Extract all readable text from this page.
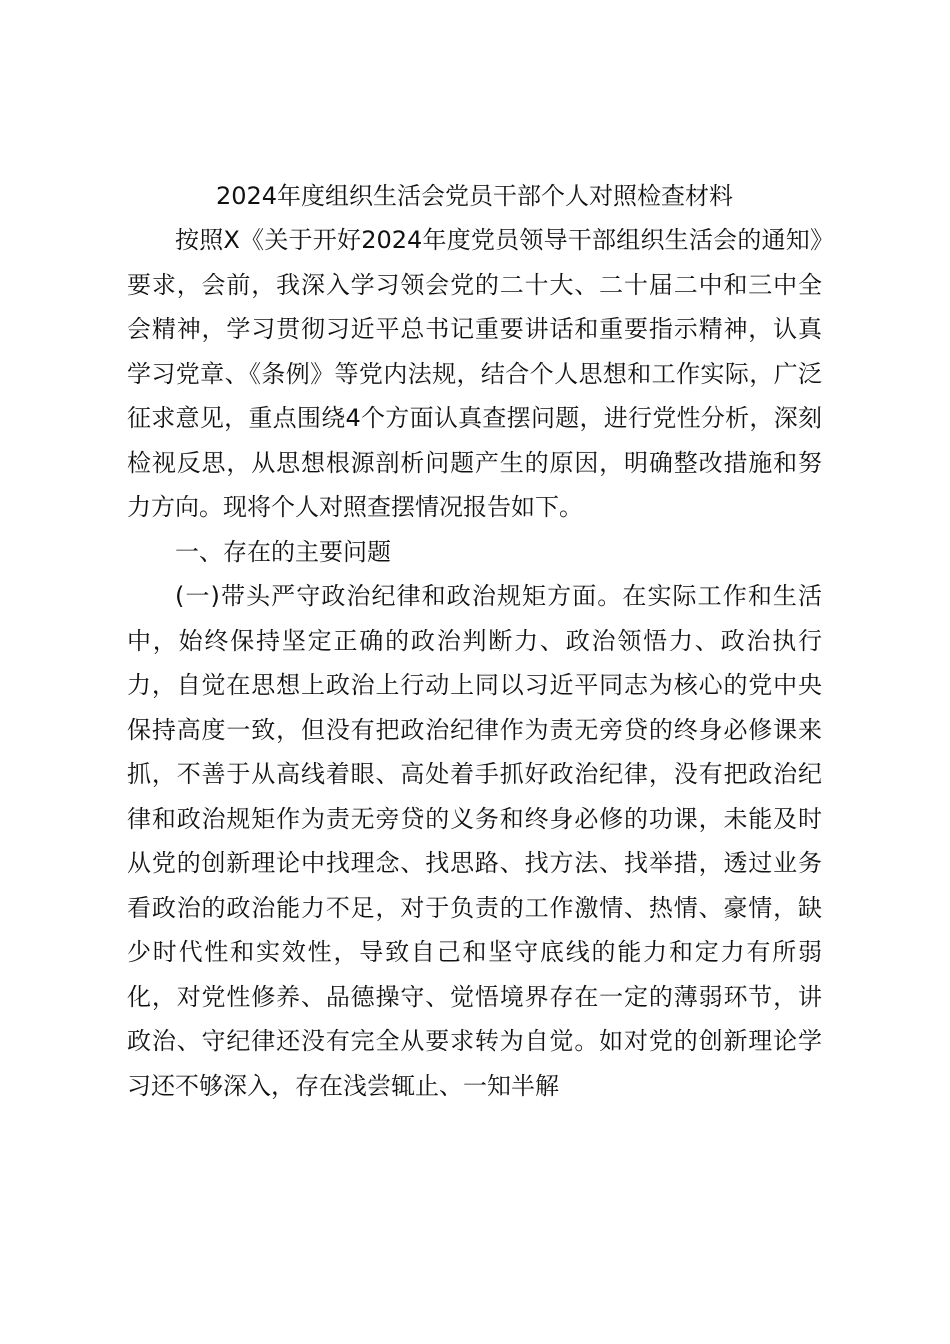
2024年度组织生活会党员干部个人对照检查材料

按照X《关于开好2024年度党员领导干部组织生活会的通知》要求，会前，我深入学习领会党的二十大、二十届二中和三中全会精神，学习贯彻习近平总书记重要讲话和重要指示精神，认真学习党章、《条例》等党内法规，结合个人思想和工作实际，广泛征求意见，重点围绕4个方面认真查摆问题，进行党性分析，深刻检视反思，从思想根源剖析问题产生的原因，明确整改措施和努力方向。现将个人对照查摆情况报告如下。

一、存在的主要问题

(一)带头严守政治纪律和政治规矩方面。在实际工作和生活中，始终保持坚定正确的政治判断力、政治领悟力、政治执行力，自觉在思想上政治上行动上同以习近平同志为核心的党中央保持高度一致，但没有把政治纪律作为责无旁贷的终身必修课来抓，不善于从高线着眼、高处着手抓好政治纪律，没有把政治纪律和政治规矩作为责无旁贷的义务和终身必修的功课，未能及时从党的创新理论中找理念、找思路、找方法、找举措，透过业务看政治的政治能力不足，对于负责的工作激情、热情、豪情，缺少时代性和实效性，导致自己和坚守底线的能力和定力有所弱化，对党性修养、品德操守、觉悟境界存在一定的薄弱环节，讲政治、守纪律还没有完全从要求转为自觉。如对党的创新理论学习还不够深入，存在浅尝辄止、一知半解
